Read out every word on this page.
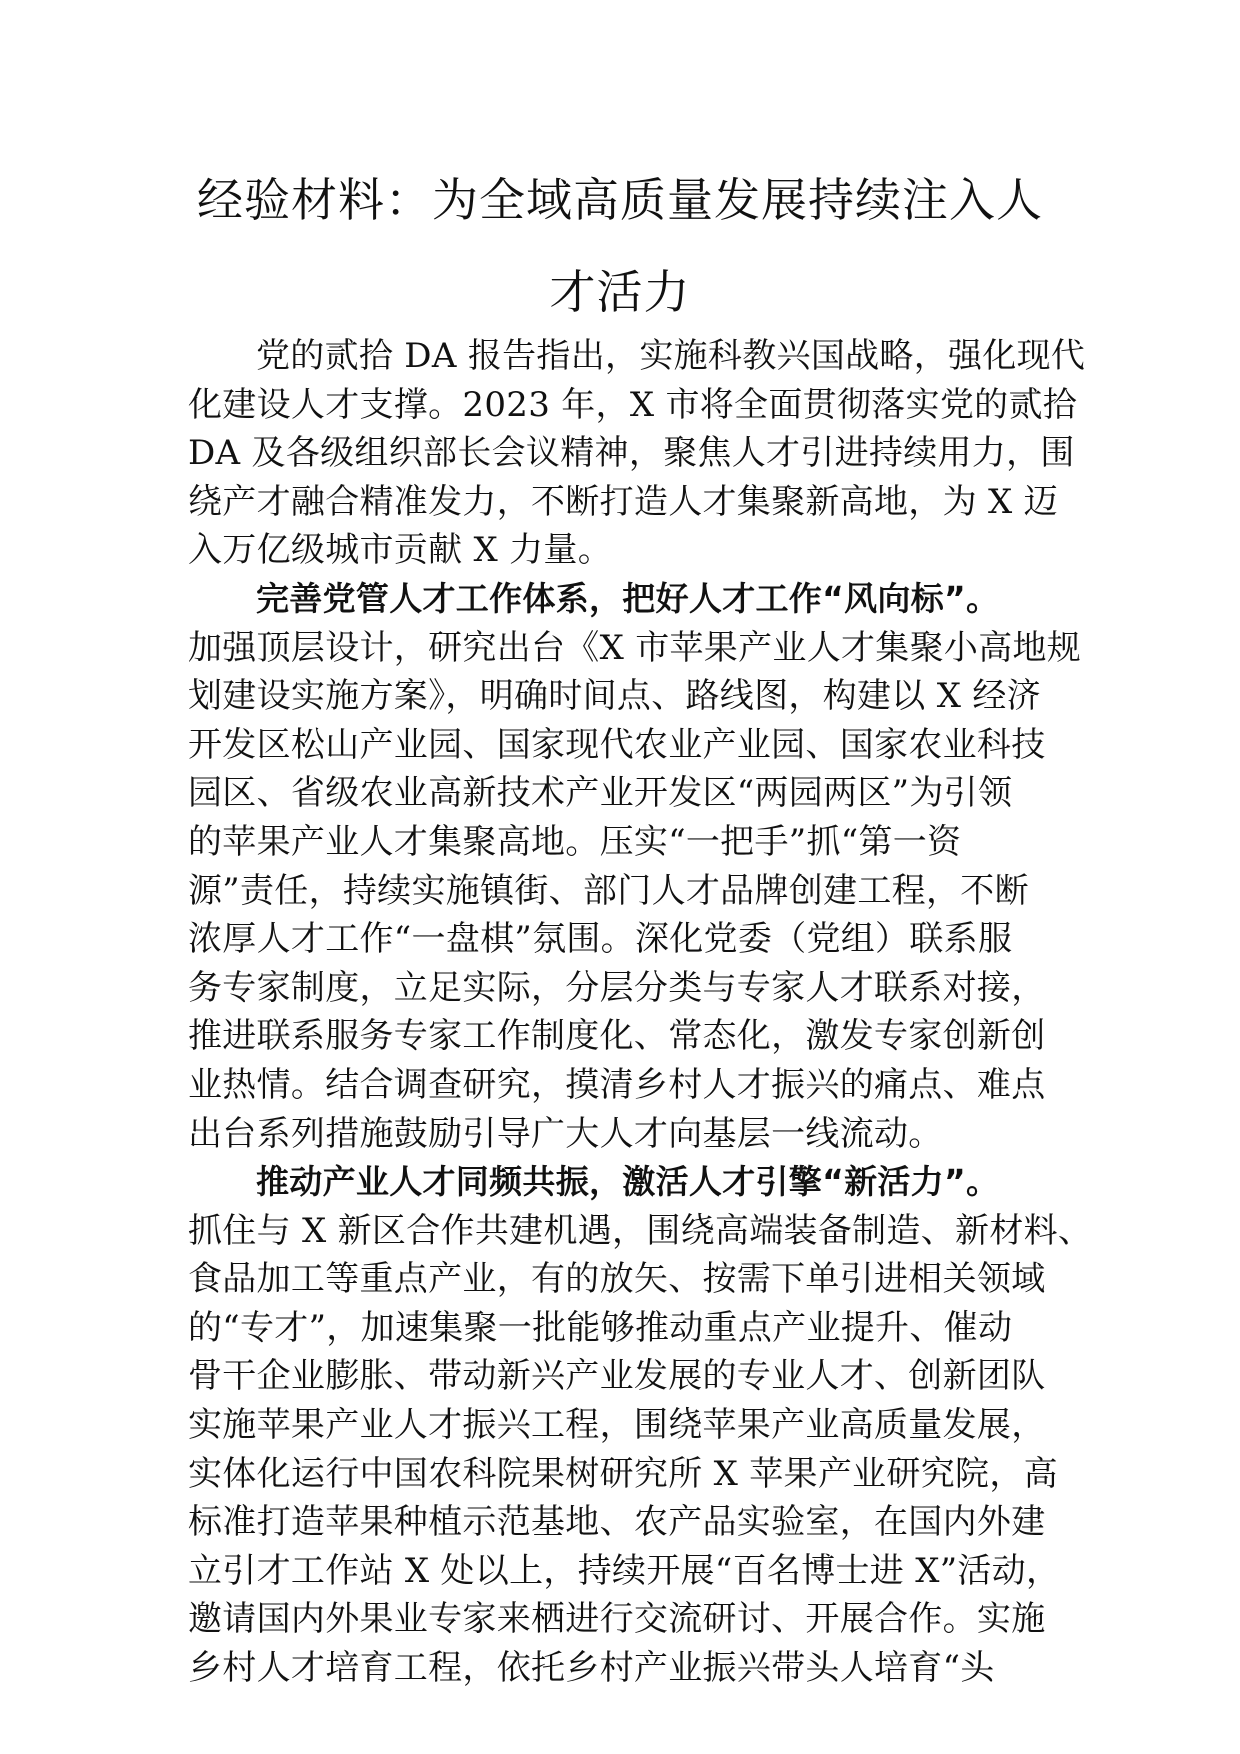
经验材料：为全域高质量发展持续注入人
才活力
党的贰拾 DA 报告指出，实施科教兴国战略，强化现代
化建设人才支撑。2023 年，X 市将全面贯彻落实党的贰拾
DA 及各级组织部长会议精神，聚焦人才引进持续用力，围
绕产才融合精准发力，不断打造人才集聚新高地，为 X 迈
入万亿级城市贡献 X 力量。
完善党管人才工作体系，把好人才工作“风向标”。
加强顶层设计，研究出台《X 市苹果产业人才集聚小高地规
划建设实施方案》，明确时间点、路线图，构建以 X 经济
开发区松山产业园、国家现代农业产业园、国家农业科技
园区、省级农业高新技术产业开发区“两园两区”为引领
的苹果产业人才集聚高地。压实“一把手”抓“第一资
源”责任，持续实施镇街、部门人才品牌创建工程，不断
浓厚人才工作“一盘棋”氛围。深化党委（党组）联系服
务专家制度，立足实际，分层分类与专家人才联系对接，
推进联系服务专家工作制度化、常态化，激发专家创新创
业热情。结合调查研究，摸清乡村人才振兴的痛点、难点
出台系列措施鼓励引导广大人才向基层一线流动。
推动产业人才同频共振，激活人才引擎“新活力”。
抓住与 X 新区合作共建机遇，围绕高端装备制造、新材料、
食品加工等重点产业，有的放矢、按需下单引进相关领域
的“专才”，加速集聚一批能够推动重点产业提升、催动
骨干企业膨胀、带动新兴产业发展的专业人才、创新团队
实施苹果产业人才振兴工程，围绕苹果产业高质量发展，
实体化运行中国农科院果树研究所 X 苹果产业研究院，高
标准打造苹果种植示范基地、农产品实验室，在国内外建
立引才工作站 X 处以上，持续开展“百名博士进 X”活动，
邀请国内外果业专家来栖进行交流研讨、开展合作。实施
乡村人才培育工程，依托乡村产业振兴带头人培育“头
